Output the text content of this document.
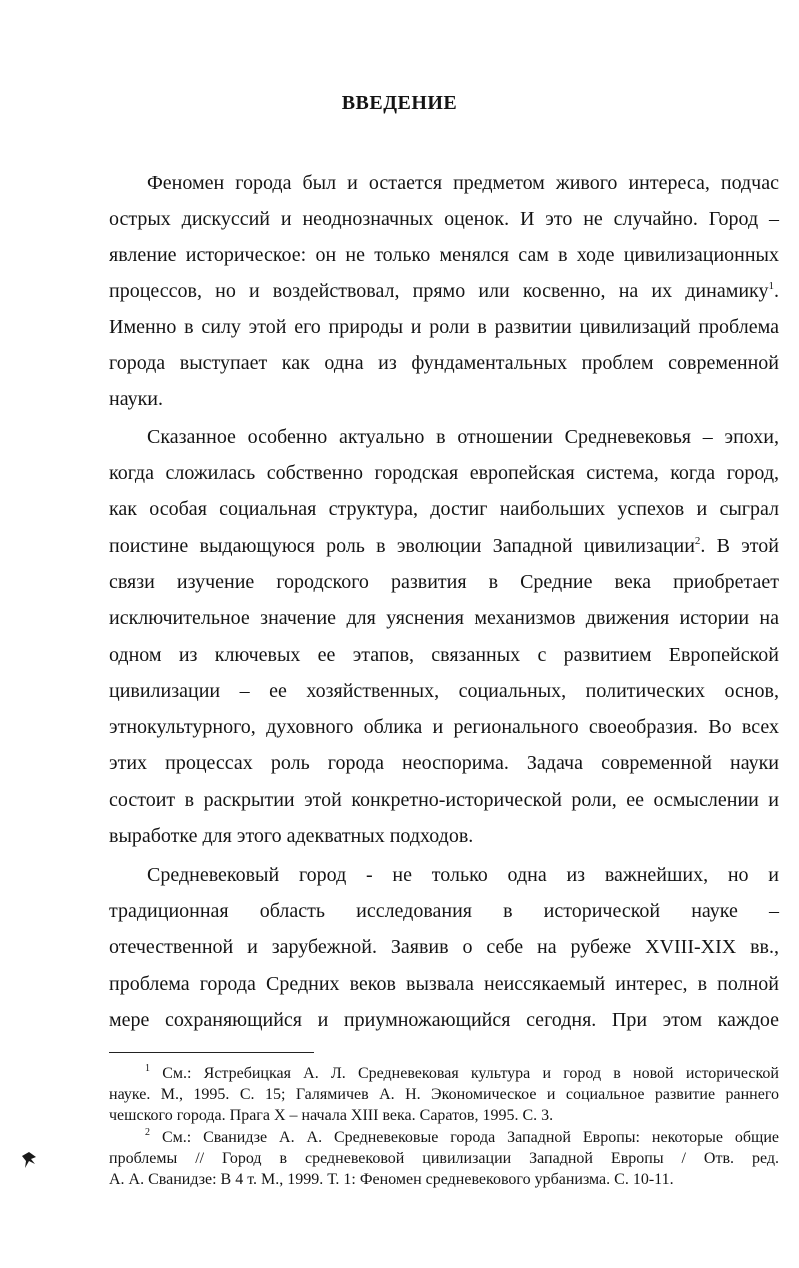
ВВЕДЕНИЕ
Феномен города был и остается предметом живого интереса, подчас
острых дискуссий и неоднозначных оценок. И это не случайно. Город –
явление историческое: он не только менялся сам в ходе цивилизационных
процессов, но и воздействовал, прямо или косвенно, на их динамику$^1$.
Именно в силу этой его природы и роли в развитии цивилизаций проблема
города выступает как одна из фундаментальных проблем современной
науки.
Сказанное особенно актуально в отношении Средневековья – эпохи,
когда сложилась собственно городская европейская система, когда город,
как особая социальная структура, достиг наибольших успехов и сыграл
поистине выдающуюся роль в эволюции Западной цивилизации$^2$. В этой
связи изучение городского развития в Средние века приобретает
исключительное значение для уяснения механизмов движения истории на
одном из ключевых ее этапов, связанных с развитием Европейской
цивилизации – ее хозяйственных, социальных, политических основ,
этнокультурного, духовного облика и регионального своеобразия. Во всех
этих процессах роль города неоспорима. Задача современной науки
состоит в раскрытии этой конкретно-исторической роли, ее осмыслении и
выработке для этого адекватных подходов.
Средневековый город - не только одна из важнейших, но и
традиционная область исследования в исторической науке –
отечественной и зарубежной. Заявив о себе на рубеже XVIII-XIX вв.,
проблема города Средних веков вызвала неиссякаемый интерес, в полной
мере сохраняющийся и приумножающийся сегодня. При этом каждое
$^1$ См.: Ястребицкая А. Л. Средневековая культура и город в новой исторической
науке. М., 1995. С. 15; Галямичев А. Н. Экономическое и социальное развитие раннего
чешского города. Прага X – начала XIII века. Саратов, 1995. С. 3.
$^2$ См.: Сванидзе А. А. Средневековые города Западной Европы: некоторые общие
проблемы // Город в средневековой цивилизации Западной Европы / Отв. ред.
А. А. Сванидзе: В 4 т. М., 1999. Т. 1: Феномен средневекового урбанизма. С. 10-11.
